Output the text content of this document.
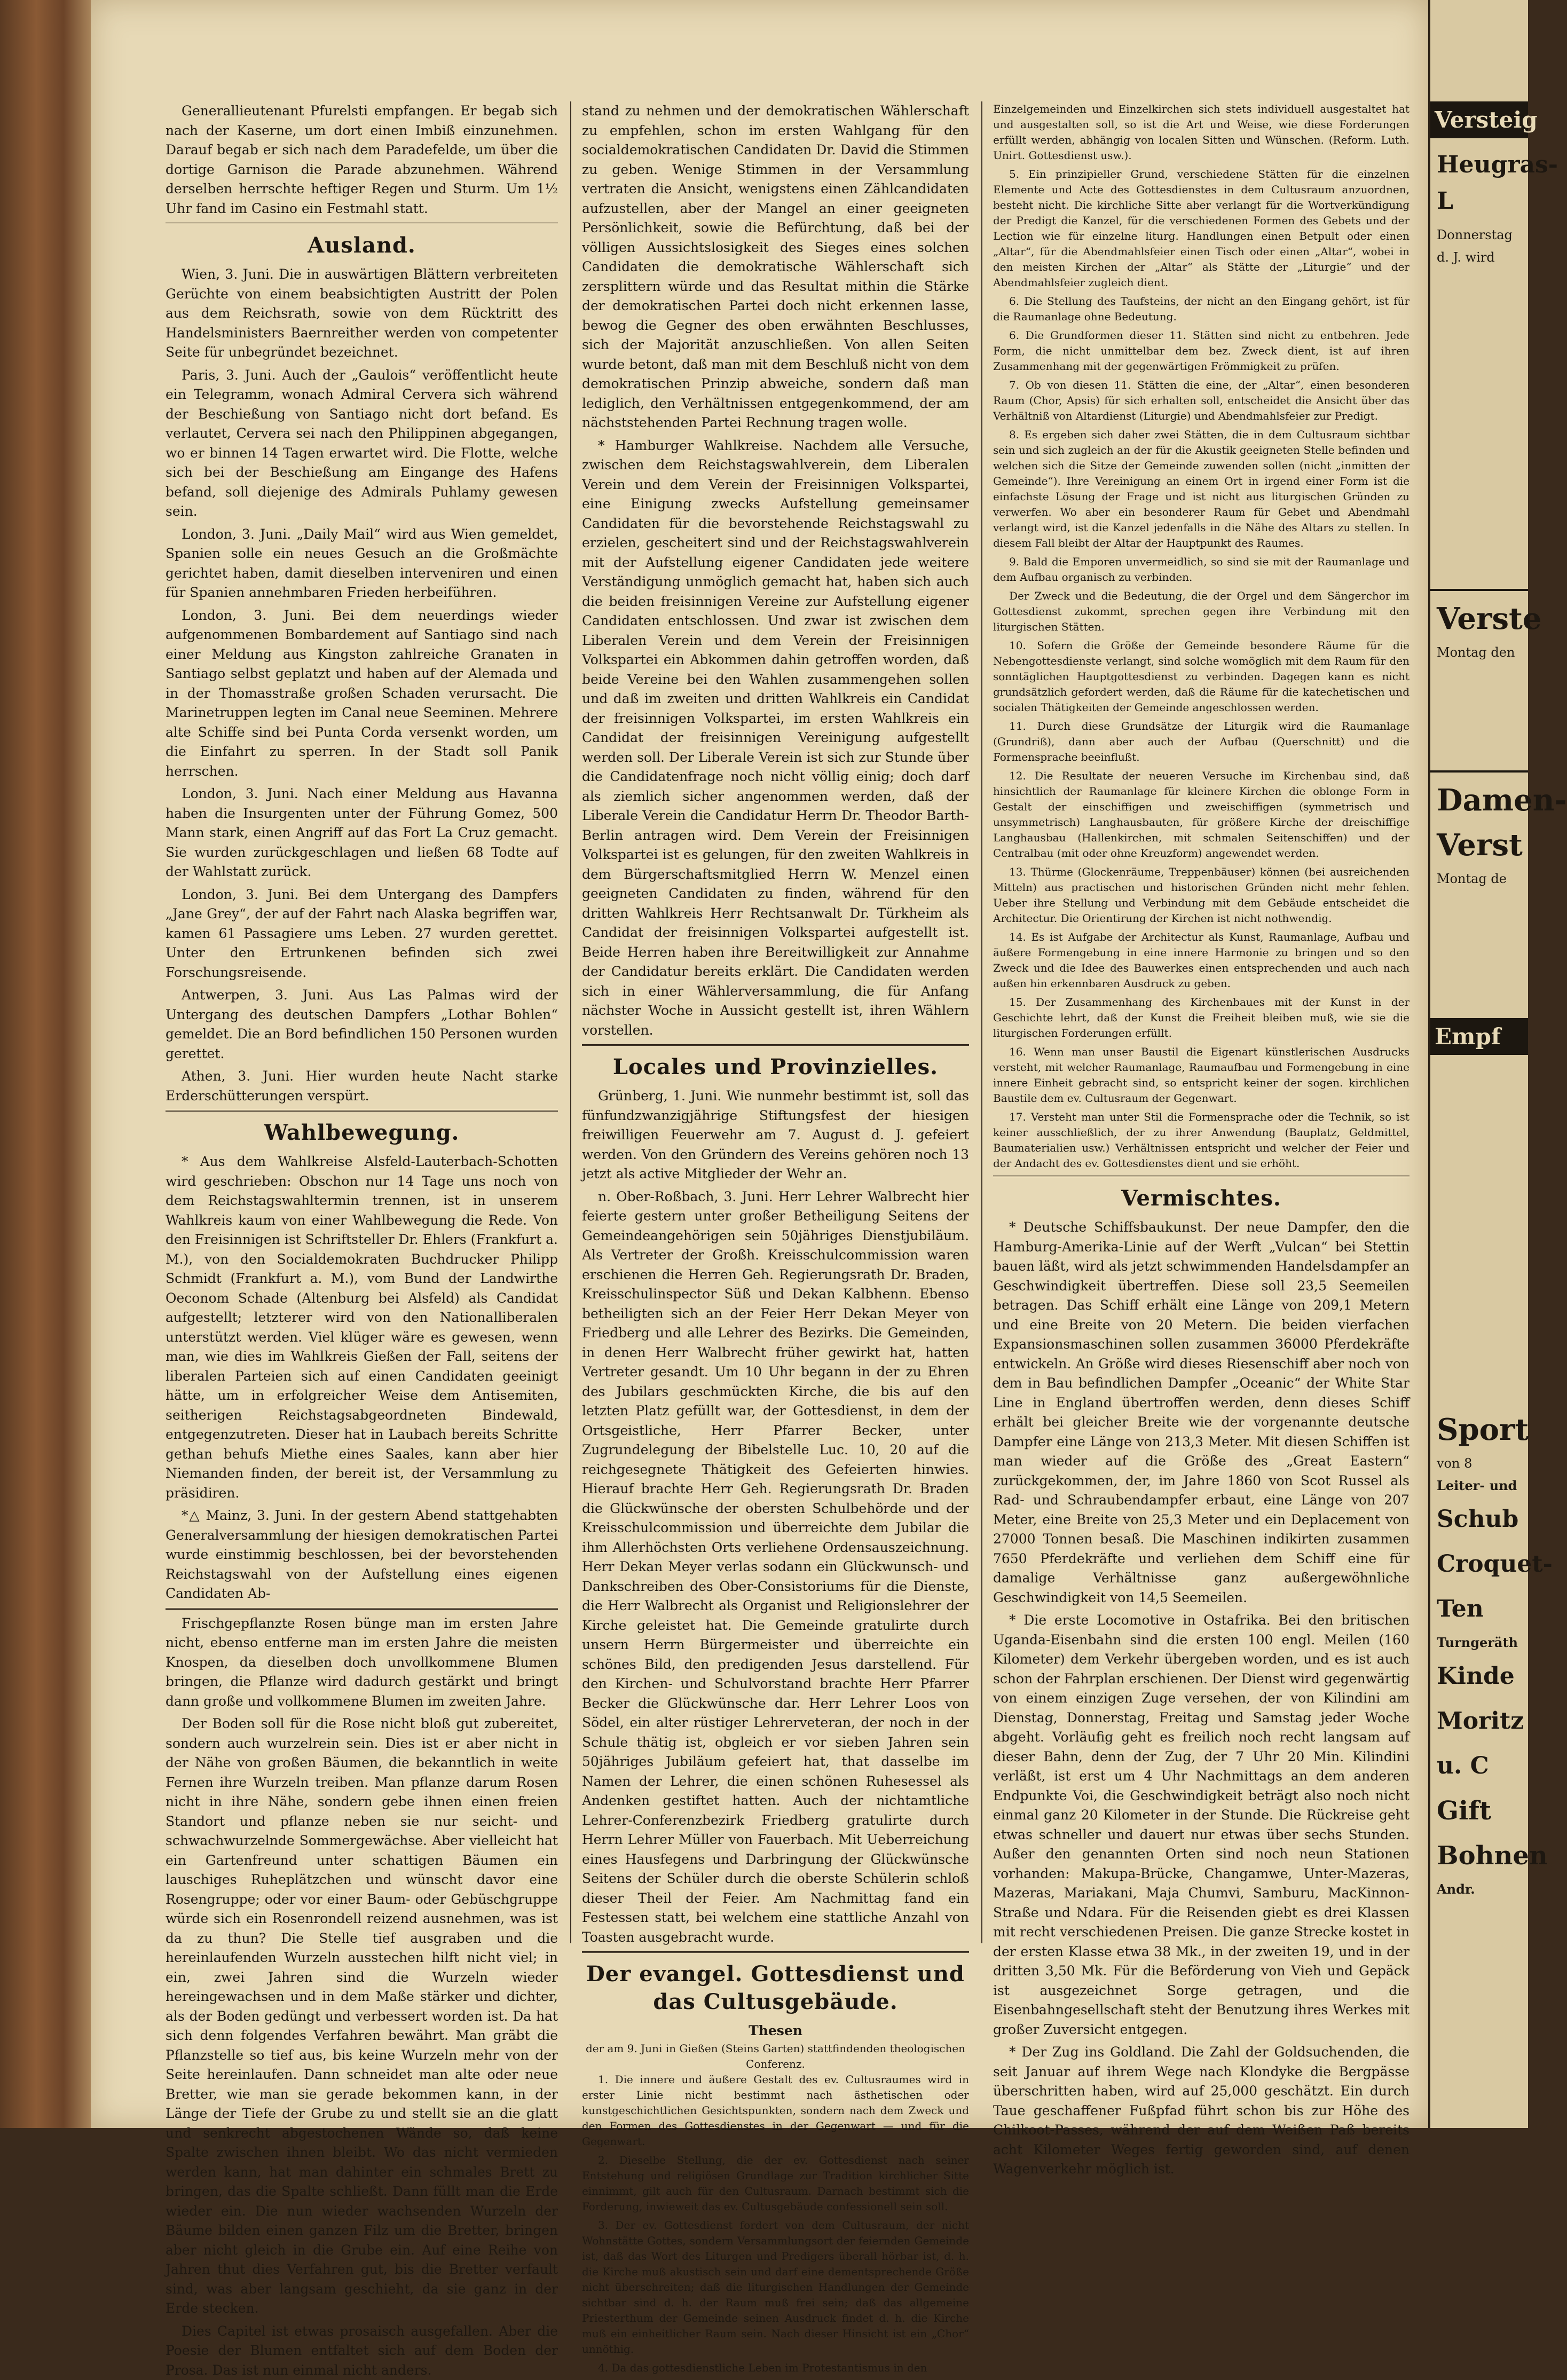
Generallieutenant Pfurelsti empfangen. Er begab sich nach der Kaserne, um dort einen Imbiß einzunehmen. Darauf begab er sich nach dem Paradefelde, um über die dortige Garnison die Parade abzunehmen. Während derselben herrschte heftiger Regen und Sturm. Um 1½ Uhr fand im Casino ein Festmahl statt.

Ausland.

Wien, 3. Juni. Die in auswärtigen Blättern verbreiteten Gerüchte von einem beabsichtigten Austritt der Polen aus dem Reichsrath, sowie von dem Rücktritt des Handelsministers Baernreither werden von competenter Seite für unbegründet bezeichnet.

Paris, 3. Juni. Auch der „Gaulois“ veröffentlicht heute ein Telegramm, wonach Admiral Cervera sich während der Beschießung von Santiago nicht dort befand. Es verlautet, Cervera sei nach den Philippinen abgegangen, wo er binnen 14 Tagen erwartet wird. Die Flotte, welche sich bei der Beschießung am Eingange des Hafens befand, soll diejenige des Admirals Puhlamy gewesen sein.

London, 3. Juni. „Daily Mail“ wird aus Wien gemeldet, Spanien solle ein neues Gesuch an die Großmächte gerichtet haben, damit dieselben interveniren und einen für Spanien annehmbaren Frieden herbeiführen.

London, 3. Juni. Bei dem neuerdings wieder aufgenommenen Bombardement auf Santiago sind nach einer Meldung aus Kingston zahlreiche Granaten in Santiago selbst geplatzt und haben auf der Alemada und in der Thomasstraße großen Schaden verursacht. Die Marinetruppen legten im Canal neue Seeminen. Mehrere alte Schiffe sind bei Punta Corda versenkt worden, um die Einfahrt zu sperren. In der Stadt soll Panik herrschen.

London, 3. Juni. Nach einer Meldung aus Havanna haben die Insurgenten unter der Führung Gomez, 500 Mann stark, einen Angriff auf das Fort La Cruz gemacht. Sie wurden zurückgeschlagen und ließen 68 Todte auf der Wahlstatt zurück.

London, 3. Juni. Bei dem Untergang des Dampfers „Jane Grey“, der auf der Fahrt nach Alaska begriffen war, kamen 61 Passagiere ums Leben. 27 wurden gerettet. Unter den Ertrunkenen befinden sich zwei Forschungsreisende.

Antwerpen, 3. Juni. Aus Las Palmas wird der Untergang des deutschen Dampfers „Lothar Bohlen“ gemeldet. Die an Bord befindlichen 150 Personen wurden gerettet.

Athen, 3. Juni. Hier wurden heute Nacht starke Erderschütterungen verspürt.

Wahlbewegung.

* Aus dem Wahlkreise Alsfeld-Lauterbach-Schotten wird geschrieben: Obschon nur 14 Tage uns noch von dem Reichstagswahltermin trennen, ist in unserem Wahlkreis kaum von einer Wahlbewegung die Rede. Von den Freisinnigen ist Schriftsteller Dr. Ehlers (Frankfurt a. M.), von den Socialdemokraten Buchdrucker Philipp Schmidt (Frankfurt a. M.), vom Bund der Landwirthe Oeconom Schade (Altenburg bei Alsfeld) als Candidat aufgestellt; letzterer wird von den Nationalliberalen unterstützt werden. Viel klüger wäre es gewesen, wenn man, wie dies im Wahlkreis Gießen der Fall, seitens der liberalen Parteien sich auf einen Candidaten geeinigt hätte, um in erfolgreicher Weise dem Antisemiten, seitherigen Reichstagsabgeordneten Bindewald, entgegenzutreten. Dieser hat in Laubach bereits Schritte gethan behufs Miethe eines Saales, kann aber hier Niemanden finden, der bereit ist, der Versammlung zu präsidiren.

*△ Mainz, 3. Juni. In der gestern Abend stattgehabten Generalversammlung der hiesigen demokratischen Partei wurde einstimmig beschlossen, bei der bevorstehenden Reichstagswahl von der Aufstellung eines eigenen Candidaten Ab-

Frischgepflanzte Rosen bünge man im ersten Jahre nicht, ebenso entferne man im ersten Jahre die meisten Knospen, da dieselben doch unvollkommene Blumen bringen, die Pflanze wird dadurch gestärkt und bringt dann große und vollkommene Blumen im zweiten Jahre.

Der Boden soll für die Rose nicht bloß gut zubereitet, sondern auch wurzelrein sein. Dies ist er aber nicht in der Nähe von großen Bäumen, die bekanntlich in weite Fernen ihre Wurzeln treiben. Man pflanze darum Rosen nicht in ihre Nähe, sondern gebe ihnen einen freien Standort und pflanze neben sie nur seicht- und schwachwurzelnde Sommergewächse. Aber vielleicht hat ein Gartenfreund unter schattigen Bäumen ein lauschiges Ruheplätzchen und wünscht davor eine Rosengruppe; oder vor einer Baum- oder Gebüschgruppe würde sich ein Rosenrondell reizend ausnehmen, was ist da zu thun? Die Stelle tief ausgraben und die hereinlaufenden Wurzeln ausstechen hilft nicht viel; in ein, zwei Jahren sind die Wurzeln wieder hereingewachsen und in dem Maße stärker und dichter, als der Boden gedüngt und verbessert worden ist. Da hat sich denn folgendes Verfahren bewährt. Man gräbt die Pflanzstelle so tief aus, bis keine Wurzeln mehr von der Seite hereinlaufen. Dann schneidet man alte oder neue Bretter, wie man sie gerade bekommen kann, in der Länge der Tiefe der Grube zu und stellt sie an die glatt und senkrecht abgestochenen Wände so, daß keine Spalte zwischen ihnen bleibt. Wo das nicht vermieden werden kann, hat man dahinter ein schmales Brett zu bringen, das die Spalte schließt. Dann füllt man die Erde wieder ein. Die nun wieder wachsenden Wurzeln der Bäume bilden einen ganzen Filz um die Bretter, bringen aber nicht gleich in die Grube ein. Auf eine Reihe von Jahren thut dies Verfahren gut, bis die Bretter verfault sind, was aber langsam geschieht, da sie ganz in der Erde stecken.

Dies Capitel ist etwas prosaisch ausgefallen. Aber die Poesie der Blumen entfaltet sich auf dem Boden der Prosa. Das ist nun einmal nicht anders.

stand zu nehmen und der demokratischen Wählerschaft zu empfehlen, schon im ersten Wahlgang für den socialdemokratischen Candidaten Dr. David die Stimmen zu geben. Wenige Stimmen in der Versammlung vertraten die Ansicht, wenigstens einen Zählcandidaten aufzustellen, aber der Mangel an einer geeigneten Persönlichkeit, sowie die Befürchtung, daß bei der völligen Aussichtslosigkeit des Sieges eines solchen Candidaten die demokratische Wählerschaft sich zersplittern würde und das Resultat mithin die Stärke der demokratischen Partei doch nicht erkennen lasse, bewog die Gegner des oben erwähnten Beschlusses, sich der Majorität anzuschließen. Von allen Seiten wurde betont, daß man mit dem Beschluß nicht von dem demokratischen Prinzip abweiche, sondern daß man lediglich, den Verhältnissen entgegenkommend, der am nächststehenden Partei Rechnung tragen wolle.

* Hamburger Wahlkreise. Nachdem alle Versuche, zwischen dem Reichstagswahlverein, dem Liberalen Verein und dem Verein der Freisinnigen Volkspartei, eine Einigung zwecks Aufstellung gemeinsamer Candidaten für die bevorstehende Reichstagswahl zu erzielen, gescheitert sind und der Reichstagswahlverein mit der Aufstellung eigener Candidaten jede weitere Verständigung unmöglich gemacht hat, haben sich auch die beiden freisinnigen Vereine zur Aufstellung eigener Candidaten entschlossen. Und zwar ist zwischen dem Liberalen Verein und dem Verein der Freisinnigen Volkspartei ein Abkommen dahin getroffen worden, daß beide Vereine bei den Wahlen zusammengehen sollen und daß im zweiten und dritten Wahlkreis ein Candidat der freisinnigen Volkspartei, im ersten Wahlkreis ein Candidat der freisinnigen Vereinigung aufgestellt werden soll. Der Liberale Verein ist sich zur Stunde über die Candidatenfrage noch nicht völlig einig; doch darf als ziemlich sicher angenommen werden, daß der Liberale Verein die Candidatur Herrn Dr. Theodor Barth-Berlin antragen wird. Dem Verein der Freisinnigen Volkspartei ist es gelungen, für den zweiten Wahlkreis in dem Bürgerschaftsmitglied Herrn W. Menzel einen geeigneten Candidaten zu finden, während für den dritten Wahlkreis Herr Rechtsanwalt Dr. Türkheim als Candidat der freisinnigen Volkspartei aufgestellt ist. Beide Herren haben ihre Bereitwilligkeit zur Annahme der Candidatur bereits erklärt. Die Candidaten werden sich in einer Wählerversammlung, die für Anfang nächster Woche in Aussicht gestellt ist, ihren Wählern vorstellen.

Locales und Provinzielles.

Grünberg, 1. Juni. Wie nunmehr bestimmt ist, soll das fünfundzwanzigjährige Stiftungsfest der hiesigen freiwilligen Feuerwehr am 7. August d. J. gefeiert werden. Von den Gründern des Vereins gehören noch 13 jetzt als active Mitglieder der Wehr an.

n. Ober-Roßbach, 3. Juni. Herr Lehrer Walbrecht hier feierte gestern unter großer Betheiligung Seitens der Gemeindeangehörigen sein 50jähriges Dienstjubiläum. Als Vertreter der Großh. Kreisschulcommission waren erschienen die Herren Geh. Regierungsrath Dr. Braden, Kreisschulinspector Süß und Dekan Kalbhenn. Ebenso betheiligten sich an der Feier Herr Dekan Meyer von Friedberg und alle Lehrer des Bezirks. Die Gemeinden, in denen Herr Walbrecht früher gewirkt hat, hatten Vertreter gesandt. Um 10 Uhr begann in der zu Ehren des Jubilars geschmückten Kirche, die bis auf den letzten Platz gefüllt war, der Gottesdienst, in dem der Ortsgeistliche, Herr Pfarrer Becker, unter Zugrundelegung der Bibelstelle Luc. 10, 20 auf die reichgesegnete Thätigkeit des Gefeierten hinwies. Hierauf brachte Herr Geh. Regierungsrath Dr. Braden die Glückwünsche der obersten Schulbehörde und der Kreisschulcommission und überreichte dem Jubilar die ihm Allerhöchsten Orts verliehene Ordensauszeichnung. Herr Dekan Meyer verlas sodann ein Glückwunsch- und Dankschreiben des Ober-Consistoriums für die Dienste, die Herr Walbrecht als Organist und Religionslehrer der Kirche geleistet hat. Die Gemeinde gratulirte durch unsern Herrn Bürgermeister und überreichte ein schönes Bild, den predigenden Jesus darstellend. Für den Kirchen- und Schulvorstand brachte Herr Pfarrer Becker die Glückwünsche dar. Herr Lehrer Loos von Södel, ein alter rüstiger Lehrerveteran, der noch in der Schule thätig ist, obgleich er vor sieben Jahren sein 50jähriges Jubiläum gefeiert hat, that dasselbe im Namen der Lehrer, die einen schönen Ruhesessel als Andenken gestiftet hatten. Auch der nichtamtliche Lehrer-Conferenzbezirk Friedberg gratulirte durch Herrn Lehrer Müller von Fauerbach. Mit Ueberreichung eines Hausfegens und Darbringung der Glückwünsche Seitens der Schüler durch die oberste Schülerin schloß dieser Theil der Feier. Am Nachmittag fand ein Festessen statt, bei welchem eine stattliche Anzahl von Toasten ausgebracht wurde.

Der evangel. Gottesdienst und das Cultusgebäude.
Thesen
der am 9. Juni in Gießen (Steins Garten) stattfindenden theologischen Conferenz.

1. Die innere und äußere Gestalt des ev. Cultusraumes wird in erster Linie nicht bestimmt nach ästhetischen oder kunstgeschichtlichen Gesichtspunkten, sondern nach dem Zweck und den Formen des Gottesdienstes in der Gegenwart — und für die Gegenwart.

2. Dieselbe Stellung, die der ev. Gottesdienst nach seiner Entstehung und religiösen Grundlage zur Tradition kirchlicher Sitte einnimmt, gilt auch für den Cultusraum. Darnach bestimmt sich die Forderung, inwieweit das ev. Cultusgebäude confessionell sein soll.

3. Der ev. Gottesdienst fordert von dem Cultusraum, der nicht Wohnstätte Gottes, sondern Versammlungsort der feiernden Gemeinde ist, daß das Wort des Liturgen und Predigers überall hörbar ist, d. h. die Kirche muß akustisch sein und darf eine dementsprechende Größe nicht überschreiten; daß die liturgischen Handlungen der Gemeinde sichtbar sind d. h. der Raum muß frei sein; daß das allgemeine Priesterthum der Gemeinde seinen Ausdruck findet d. h. die Kirche muß ein einheitlicher Raum sein. Nach dieser Hinsicht ist ein „Chor“ unnöthig.

4. Da das gottesdienstliche Leben im Protestantismus in den

Einzelgemeinden und Einzelkirchen sich stets individuell ausgestaltet hat und ausgestalten soll, so ist die Art und Weise, wie diese Forderungen erfüllt werden, abhängig von localen Sitten und Wünschen. (Reform. Luth. Unirt. Gottesdienst usw.).

5. Ein prinzipieller Grund, verschiedene Stätten für die einzelnen Elemente und Acte des Gottesdienstes in dem Cultusraum anzuordnen, besteht nicht. Die kirchliche Sitte aber verlangt für die Wortverkündigung der Predigt die Kanzel, für die verschiedenen Formen des Gebets und der Lection wie für einzelne liturg. Handlungen einen Betpult oder einen „Altar“, für die Abendmahlsfeier einen Tisch oder einen „Altar“, wobei in den meisten Kirchen der „Altar“ als Stätte der „Liturgie“ und der Abendmahlsfeier zugleich dient.

6. Die Stellung des Taufsteins, der nicht an den Eingang gehört, ist für die Raumanlage ohne Bedeutung.

6. Die Grundformen dieser 11. Stätten sind nicht zu entbehren. Jede Form, die nicht unmittelbar dem bez. Zweck dient, ist auf ihren Zusammenhang mit der gegenwärtigen Frömmigkeit zu prüfen.

7. Ob von diesen 11. Stätten die eine, der „Altar“, einen besonderen Raum (Chor, Apsis) für sich erhalten soll, entscheidet die Ansicht über das Verhältniß von Altardienst (Liturgie) und Abendmahlsfeier zur Predigt.

8. Es ergeben sich daher zwei Stätten, die in dem Cultusraum sichtbar sein und sich zugleich an der für die Akustik geeigneten Stelle befinden und welchen sich die Sitze der Gemeinde zuwenden sollen (nicht „inmitten der Gemeinde“). Ihre Vereinigung an einem Ort in irgend einer Form ist die einfachste Lösung der Frage und ist nicht aus liturgischen Gründen zu verwerfen. Wo aber ein besonderer Raum für Gebet und Abendmahl verlangt wird, ist die Kanzel jedenfalls in die Nähe des Altars zu stellen. In diesem Fall bleibt der Altar der Hauptpunkt des Raumes.

9. Bald die Emporen unvermeidlich, so sind sie mit der Raumanlage und dem Aufbau organisch zu verbinden.

Der Zweck und die Bedeutung, die der Orgel und dem Sängerchor im Gottesdienst zukommt, sprechen gegen ihre Verbindung mit den liturgischen Stätten.

10. Sofern die Größe der Gemeinde besondere Räume für die Nebengottesdienste verlangt, sind solche womöglich mit dem Raum für den sonntäglichen Hauptgottesdienst zu verbinden. Dagegen kann es nicht grundsätzlich gefordert werden, daß die Räume für die katechetischen und socialen Thätigkeiten der Gemeinde angeschlossen werden.

11. Durch diese Grundsätze der Liturgik wird die Raumanlage (Grundriß), dann aber auch der Aufbau (Querschnitt) und die Formensprache beeinflußt.

12. Die Resultate der neueren Versuche im Kirchenbau sind, daß hinsichtlich der Raumanlage für kleinere Kirchen die oblonge Form in Gestalt der einschiffigen und zweischiffigen (symmetrisch und unsymmetrisch) Langhausbauten, für größere Kirche der dreischiffige Langhausbau (Hallenkirchen, mit schmalen Seitenschiffen) und der Centralbau (mit oder ohne Kreuzform) angewendet werden.

13. Thürme (Glockenräume, Treppenbäuser) können (bei ausreichenden Mitteln) aus practischen und historischen Gründen nicht mehr fehlen. Ueber ihre Stellung und Verbindung mit dem Gebäude entscheidet die Architectur. Die Orientirung der Kirchen ist nicht nothwendig.

14. Es ist Aufgabe der Architectur als Kunst, Raumanlage, Aufbau und äußere Formengebung in eine innere Harmonie zu bringen und so den Zweck und die Idee des Bauwerkes einen entsprechenden und auch nach außen hin erkennbaren Ausdruck zu geben.

15. Der Zusammenhang des Kirchenbaues mit der Kunst in der Geschichte lehrt, daß der Kunst die Freiheit bleiben muß, wie sie die liturgischen Forderungen erfüllt.

16. Wenn man unser Baustil die Eigenart künstlerischen Ausdrucks versteht, mit welcher Raumanlage, Raumaufbau und Formengebung in eine innere Einheit gebracht sind, so entspricht keiner der sogen. kirchlichen Baustile dem ev. Cultusraum der Gegenwart.

17. Versteht man unter Stil die Formensprache oder die Technik, so ist keiner ausschließlich, der zu ihrer Anwendung (Bauplatz, Geldmittel, Baumaterialien usw.) Verhältnissen entspricht und welcher der Feier und der Andacht des ev. Gottesdienstes dient und sie erhöht.

Vermischtes.

* Deutsche Schiffsbaukunst. Der neue Dampfer, den die Hamburg-Amerika-Linie auf der Werft „Vulcan“ bei Stettin bauen läßt, wird als jetzt schwimmenden Handelsdampfer an Geschwindigkeit übertreffen. Diese soll 23,5 Seemeilen betragen. Das Schiff erhält eine Länge von 209,1 Metern und eine Breite von 20 Metern. Die beiden vierfachen Expansionsmaschinen sollen zusammen 36000 Pferdekräfte entwickeln. An Größe wird dieses Riesenschiff aber noch von dem in Bau befindlichen Dampfer „Oceanic“ der White Star Line in England übertroffen werden, denn dieses Schiff erhält bei gleicher Breite wie der vorgenannte deutsche Dampfer eine Länge von 213,3 Meter. Mit diesen Schiffen ist man wieder auf die Größe des „Great Eastern“ zurückgekommen, der, im Jahre 1860 von Scot Russel als Rad- und Schraubendampfer erbaut, eine Länge von 207 Meter, eine Breite von 25,3 Meter und ein Deplacement von 27000 Tonnen besaß. Die Maschinen indikirten zusammen 7650 Pferdekräfte und verliehen dem Schiff eine für damalige Verhältnisse ganz außergewöhnliche Geschwindigkeit von 14,5 Seemeilen.

* Die erste Locomotive in Ostafrika. Bei den britischen Uganda-Eisenbahn sind die ersten 100 engl. Meilen (160 Kilometer) dem Verkehr übergeben worden, und es ist auch schon der Fahrplan erschienen. Der Dienst wird gegenwärtig von einem einzigen Zuge versehen, der von Kilindini am Dienstag, Donnerstag, Freitag und Samstag jeder Woche abgeht. Vorläufig geht es freilich noch recht langsam auf dieser Bahn, denn der Zug, der 7 Uhr 20 Min. Kilindini verläßt, ist erst um 4 Uhr Nachmittags an dem anderen Endpunkte Voi, die Geschwindigkeit beträgt also noch nicht einmal ganz 20 Kilometer in der Stunde. Die Rückreise geht etwas schneller und dauert nur etwas über sechs Stunden. Außer den genannten Orten sind noch neun Stationen vorhanden: Makupa-Brücke, Changamwe, Unter-Mazeras, Mazeras, Mariakani, Maja Chumvi, Samburu, MacKinnon-Straße und Ndara. Für die Reisenden giebt es drei Klassen mit recht verschiedenen Preisen. Die ganze Strecke kostet in der ersten Klasse etwa 38 Mk., in der zweiten 19, und in der dritten 3,50 Mk. Für die Beförderung von Vieh und Gepäck ist ausgezeichnet Sorge getragen, und die Eisenbahngesellschaft steht der Benutzung ihres Werkes mit großer Zuversicht entgegen.

* Der Zug ins Goldland. Die Zahl der Goldsuchenden, die seit Januar auf ihrem Wege nach Klondyke die Bergpässe überschritten haben, wird auf 25,000 geschätzt. Ein durch Taue geschaffener Fußpfad führt schon bis zur Höhe des Chilkoot-Passes, während der auf dem Weißen Paß bereits acht Kilometer Weges fertig geworden sind, auf denen Wagenverkehr möglich ist.

Versteig
Heugras-L
Donnerstag
d. J. wird
Verste
Montag den
Damen-
Verst
Montag de
Empf
Sport
von 8
Leiter- und
Schub
Croquet-
Ten
Turngeräth
Kinde
Moritz
u. C
Gift
Bohnen
Andr.
